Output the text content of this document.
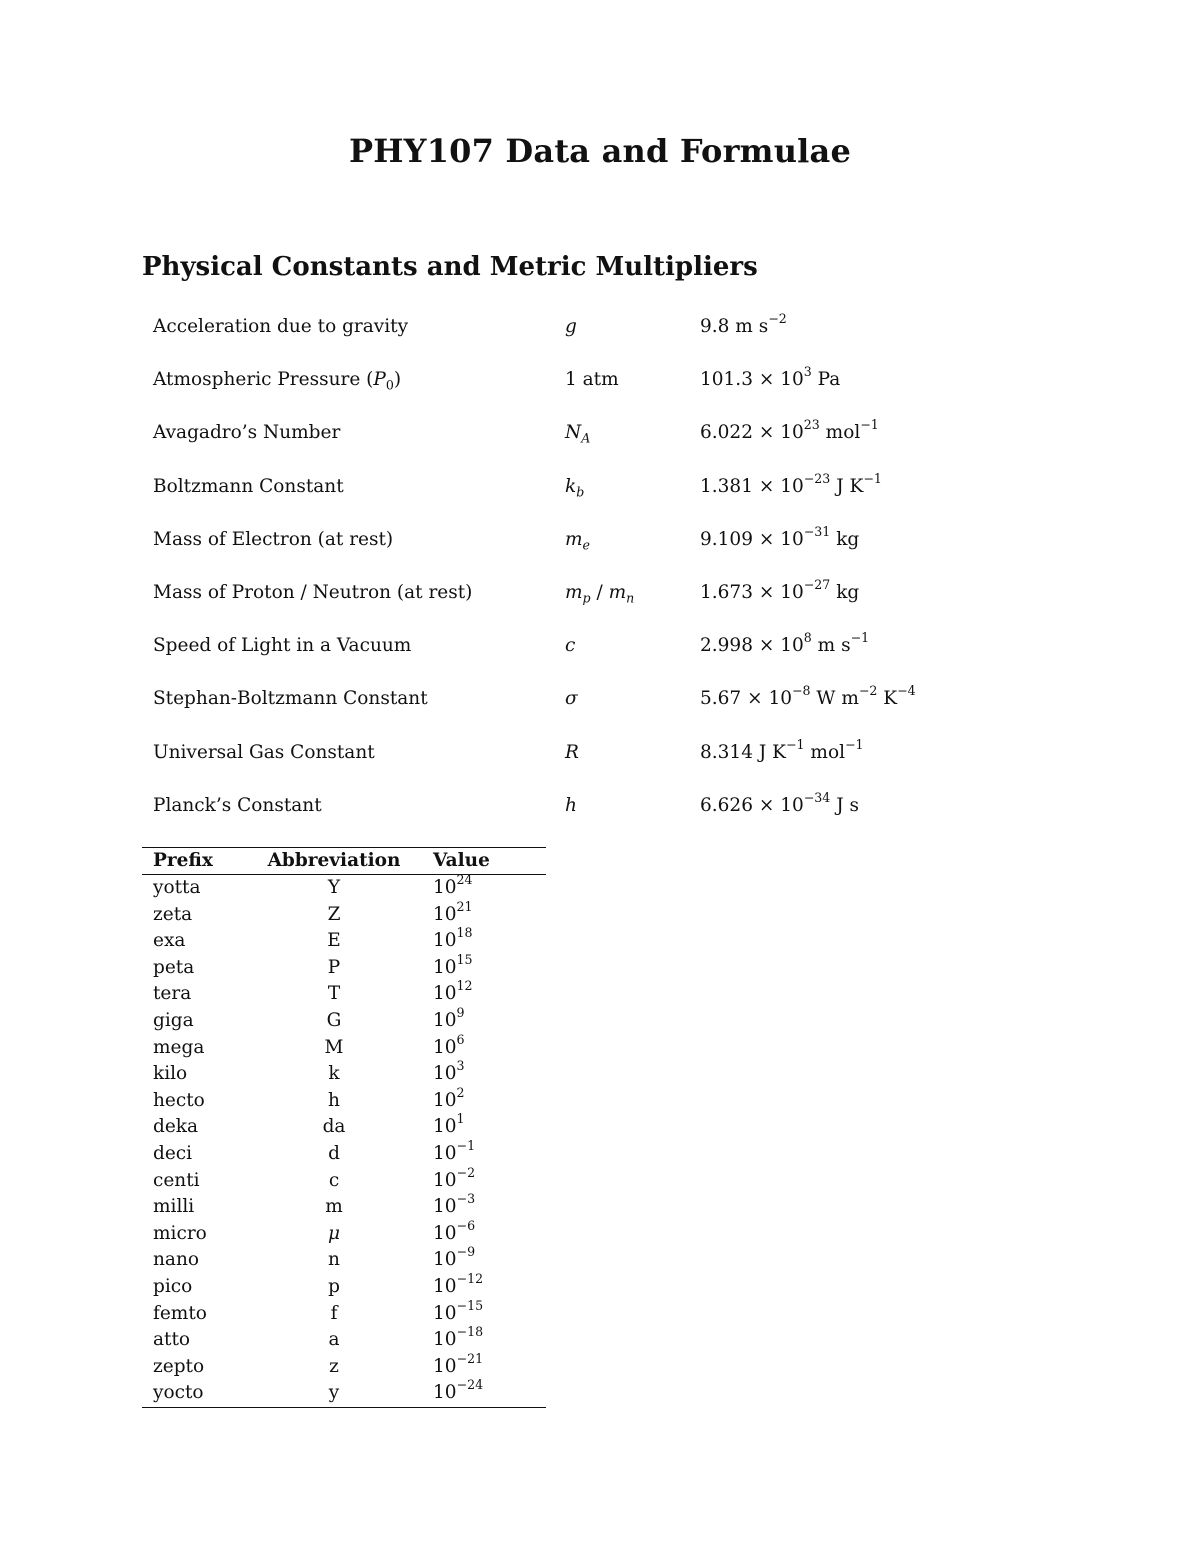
PHY107 Data and Formulae
Physical Constants and Metric Multipliers
Acceleration due to gravity	g	9.8 m $s^{-2}$
Atmospheric Pressure $(P_0)$	1 atm	$101.3 \times 10^3$ Pa
Avagadro’s Number	$N_A$	$6.022 \times 10^{23}$ mol$^{-1}$
Boltzmann Constant	$k_b$	$1.381 \times 10^{-23}$ J $K^{-1}$
Mass of Electron (at rest)	$m_e$	$9.109 \times 10^{-31}$ kg
Mass of Proton / Neutron (at rest)	$m_p / m_n$	$1.673 \times 10^{-27}$ kg
Speed of Light in a Vacuum	c	$2.998 \times 10^8$ m $s^{-1}$
Stephan-Boltzmann Constant	σ	$5.67 \times 10^{-8}$ W $m^{-2}$ $K^{-4}$
Universal Gas Constant	R	8.314 J $K^{-1}$ mol$^{-1}$
Planck’s Constant	h	$6.626 \times 10^{-34}$ J s
Prefix	Abbreviation	Value
yotta	Y	$10^{24}$
zeta	Z	$10^{21}$
exa	E	$10^{18}$
peta	P	$10^{15}$
tera	T	$10^{12}$
giga	G	$10^9$
mega	M	$10^6$
kilo	k	$10^3$
hecto	h	$10^2$
deka	da	$10^1$
deci	d	$10^{-1}$
centi	c	$10^{-2}$
milli	m	$10^{-3}$
micro	μ	$10^{-6}$
nano	n	$10^{-9}$
pico	p	$10^{-12}$
femto	f	$10^{-15}$
atto	a	$10^{-18}$
zepto	z	$10^{-21}$
yocto	y	$10^{-24}$
